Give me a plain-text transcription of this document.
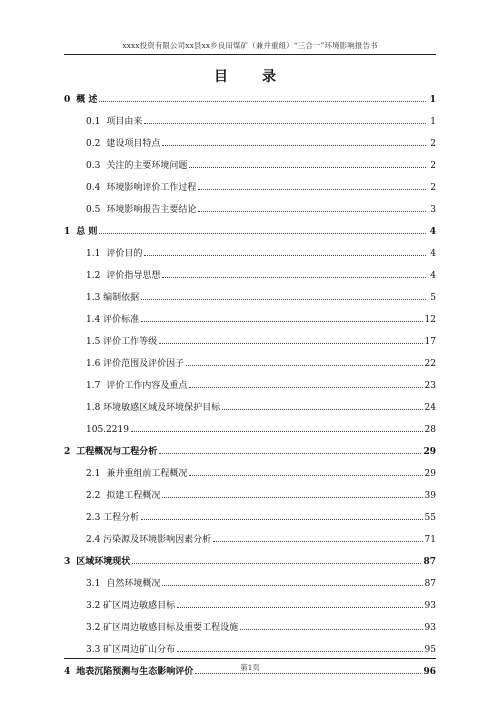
xxxx投资有限公司xx县xx乡良田煤矿（兼并重组）“三合一”环境影响报告书
目　录
0 概 述	1
0.1 项目由来	1
0.2 建设项目特点	2
0.3 关注的主要环境问题	2
0.4 环境影响评价工作过程	2
0.5 环境影响报告主要结论	3
1 总 则	4
1.1 评价目的	4
1.2 评价指导思想	4
1.3 编制依据	5
1.4 评价标准	12
1.5 评价工作等级	17
1.6 评价范围及评价因子	22
1.7 评价工作内容及重点	23
1.8 环境敏感区域及环境保护目标	24
105.2219	28
2 工程概况与工程分析	29
2.1 兼并重组前工程概况	29
2.2 拟建工程概况	39
2.3 工程分析	55
2.4 污染源及环境影响因素分析	71
3 区域环境现状	87
3.1 自然环境概况	87
3.2 矿区周边敏感目标	93
3.2 矿区周边敏感目标及重要工程设施	93
3.3 矿区周边矿山分布	95
4 地表沉陷预测与生态影响评价	96
第1页
